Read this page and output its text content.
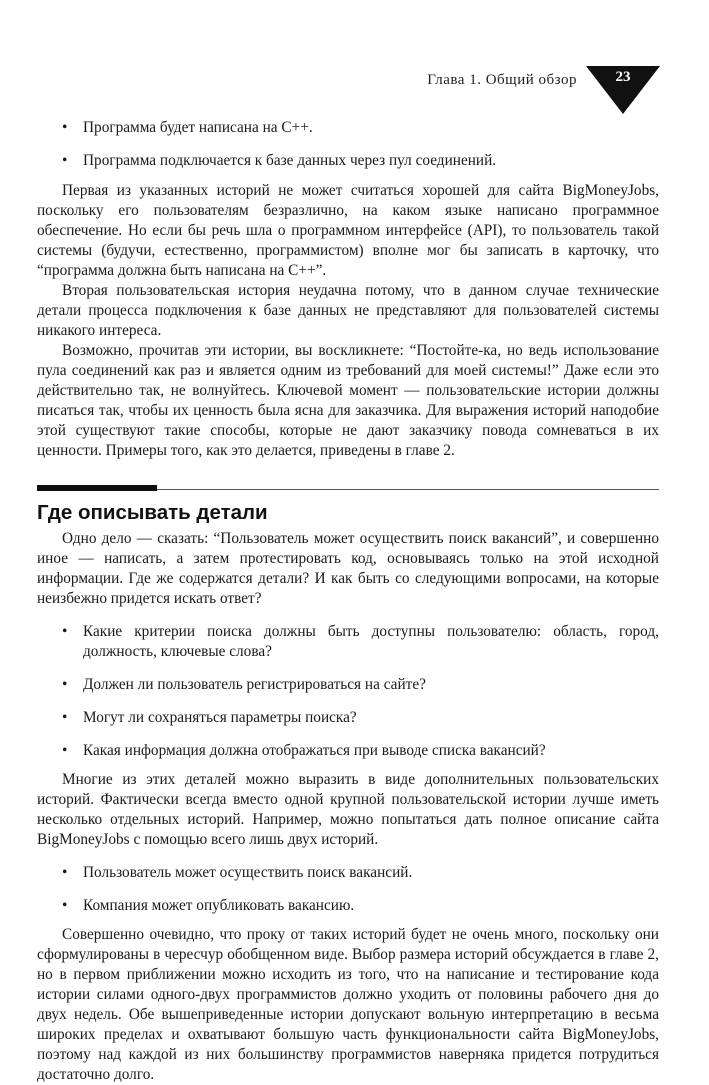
Глава 1. Общий обзор	23
• Программа будет написана на С++.
• Программа подключается к базе данных через пул соединений.

Первая из указанных историй не может считаться хорошей для сайта BigMoneyJobs, поскольку его пользователям безразлично, на каком языке написано программное обеспечение. Но если бы речь шла о программном интерфейсе (API), то пользователь такой системы (будучи, естественно, программистом) вполне мог бы записать в карточку, что “программа должна быть написана на С++”.

Вторая пользовательская история неудачна потому, что в данном случае технические детали процесса подключения к базе данных не представляют для пользователей системы никакого интереса.

Возможно, прочитав эти истории, вы воскликнете: “Постойте-ка, но ведь использование пула соединений как раз и является одним из требований для моей системы!” Даже если это действительно так, не волнуйтесь. Ключевой момент — пользовательские истории должны писаться так, чтобы их ценность была ясна для заказчика. Для выражения историй наподобие этой существуют такие способы, которые не дают заказчику повода сомневаться в их ценности. Примеры того, как это делается, приведены в главе 2.

Где описывать детали

Одно дело — сказать: “Пользователь может осуществить поиск вакансий”, и совершенно иное — написать, а затем протестировать код, основываясь только на этой исходной информации. Где же содержатся детали? И как быть со следующими вопросами, на которые неизбежно придется искать ответ?

• Какие критерии поиска должны быть доступны пользователю: область, город, должность, ключевые слова?
• Должен ли пользователь регистрироваться на сайте?
• Могут ли сохраняться параметры поиска?
• Какая информация должна отображаться при выводе списка вакансий?

Многие из этих деталей можно выразить в виде дополнительных пользовательских историй. Фактически всегда вместо одной крупной пользовательской истории лучше иметь несколько отдельных историй. Например, можно попытаться дать полное описание сайта BigMoneyJobs с помощью всего лишь двух историй.

• Пользователь может осуществить поиск вакансий.
• Компания может опубликовать вакансию.

Совершенно очевидно, что проку от таких историй будет не очень много, поскольку они сформулированы в чересчур обобщенном виде. Выбор размера историй обсуждается в главе 2, но в первом приближении можно исходить из того, что на написание и тестирование кода истории силами одного-двух программистов должно уходить от половины рабочего дня до двух недель. Обе вышеприведенные истории допускают вольную интерпретацию в весьма широких пределах и охватывают большую часть функциональности сайта BigMoneyJobs, поэтому над каждой из них большинству программистов наверняка придется потрудиться достаточно долго.
